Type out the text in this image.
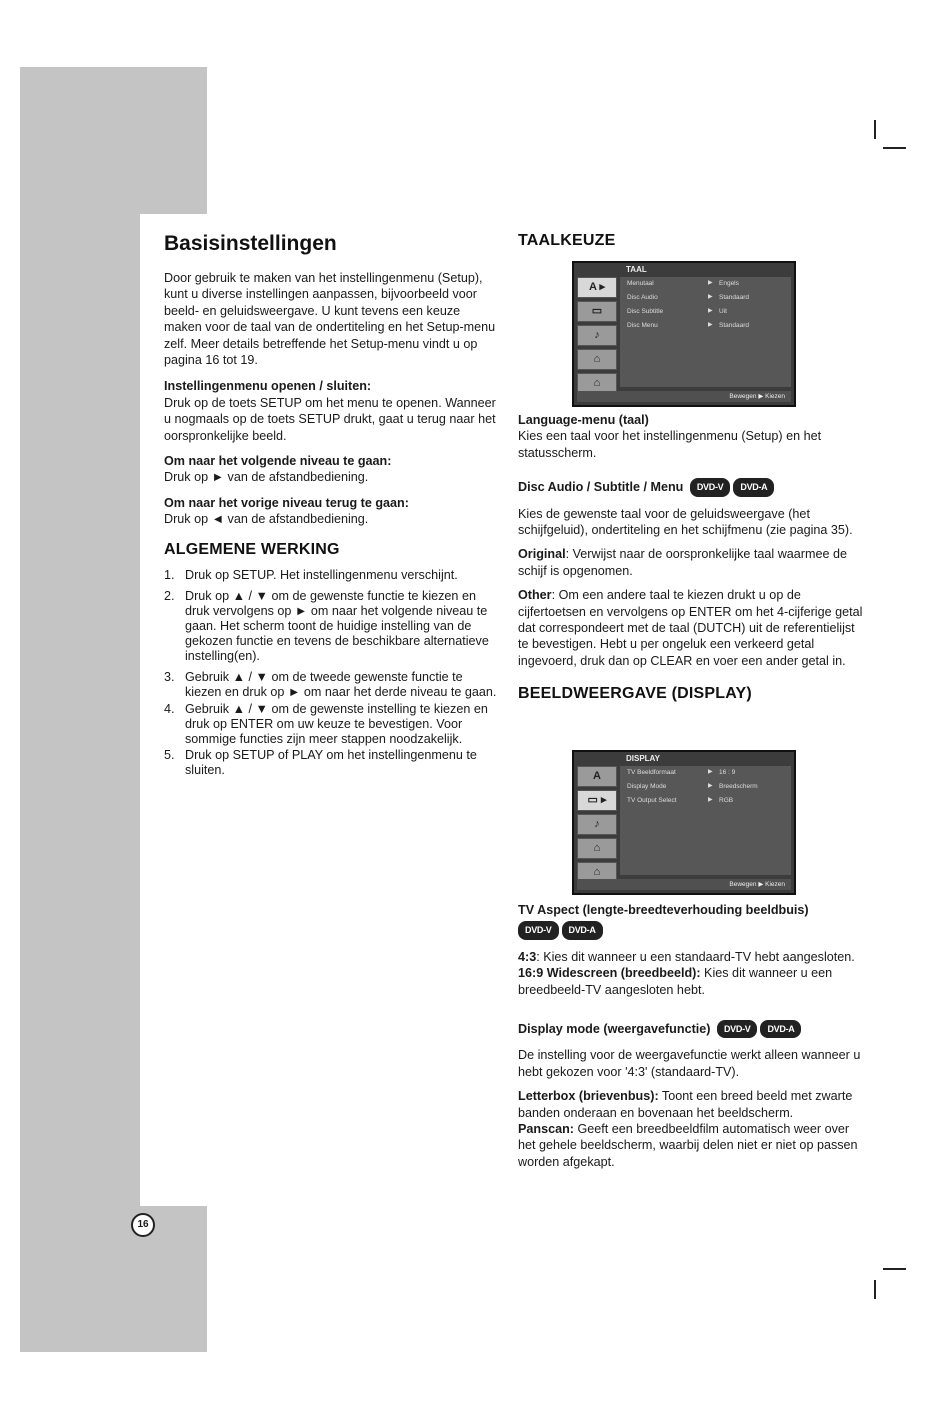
16
Basisinstellingen

Door gebruik te maken van het instellingenmenu (Setup), kunt u diverse instellingen aanpassen, bijvoorbeeld voor beeld- en geluidsweergave. U kunt tevens een keuze maken voor de taal van de ondertiteling en het Setup-menu zelf. Meer details betreffende het Setup-menu vindt u op pagina 16 tot 19.

Instellingenmenu openen / sluiten:

Druk op de toets SETUP om het menu te openen. Wanneer u nogmaals op de toets SETUP drukt, gaat u terug naar het oorspronkelijke beeld.

Om naar het volgende niveau te gaan:

Druk op ► van de afstandbediening.

Om naar het vorige niveau terug te gaan:

Druk op ◄ van de afstandbediening.

ALGEMENE WERKING
1. Druk op SETUP. Het instellingenmenu verschijnt.
2. Druk op ▲ / ▼ om de gewenste functie te kiezen en druk vervolgens op ► om naar het volgende niveau te gaan. Het scherm toont de huidige instelling van de gekozen functie en tevens de beschikbare alternatieve instelling(en).
3. Gebruik ▲ / ▼ om de tweede gewenste functie te kiezen en druk op ► om naar het derde niveau te gaan.
4. Gebruik ▲ / ▼ om de gewenste instelling te kiezen en druk op ENTER om uw keuze te bevestigen. Voor sommige functies zijn meer stappen noodzakelijk.
5. Druk op SETUP of PLAY om het instellingenmenu te sluiten.
TAALKEUZE
TAAL
A ▸
▭
♪
⌂
⌂
Menutaal	▶ Engels
Disc Audio	▶ Standaard
Disc Subtitle	▶ Uit
Disc Menu	▶ Standaard
Bewegen ▶ Kiezen

Language-menu (taal)

Kies een taal voor het instellingenmenu (Setup) en het statusscherm.

Disc Audio / Subtitle / Menu DVD-V DVD-A

Kies de gewenste taal voor de geluidsweergave (het schijfgeluid), ondertiteling en het schijfmenu (zie pagina 35).

Original: Verwijst naar de oorspronkelijke taal waarmee de schijf is opgenomen.

Other: Om een andere taal te kiezen drukt u op de cijfertoetsen en vervolgens op ENTER om het 4-cijferige getal dat correspondeert met de taal (DUTCH) uit de referentielijst te bevestigen. Hebt u per ongeluk een verkeerd getal ingevoerd, druk dan op CLEAR en voer een ander getal in.

BEELDWEERGAVE (DISPLAY)
DISPLAY
A
▭ ▸
♪
⌂
⌂
TV Beeldformaat	▶ 16 : 9
Display Mode	▶ Breedscherm
TV Output Select	▶ RGB
Bewegen ▶ Kiezen

TV Aspect (lengte-breedteverhouding beeldbuis)

DVD-V DVD-A

4:3: Kies dit wanneer u een standaard-TV hebt aangesloten.

16:9 Widescreen (breedbeeld): Kies dit wanneer u een breedbeeld-TV aangesloten hebt.

Display mode (weergavefunctie) DVD-V DVD-A

De instelling voor de weergavefunctie werkt alleen wanneer u hebt gekozen voor '4:3' (standaard-TV).

Letterbox (brievenbus): Toont een breed beeld met zwarte banden onderaan en bovenaan het beeldscherm.

Panscan: Geeft een breedbeeldfilm automatisch weer over het gehele beeldscherm, waarbij delen niet er niet op passen worden afgekapt.
